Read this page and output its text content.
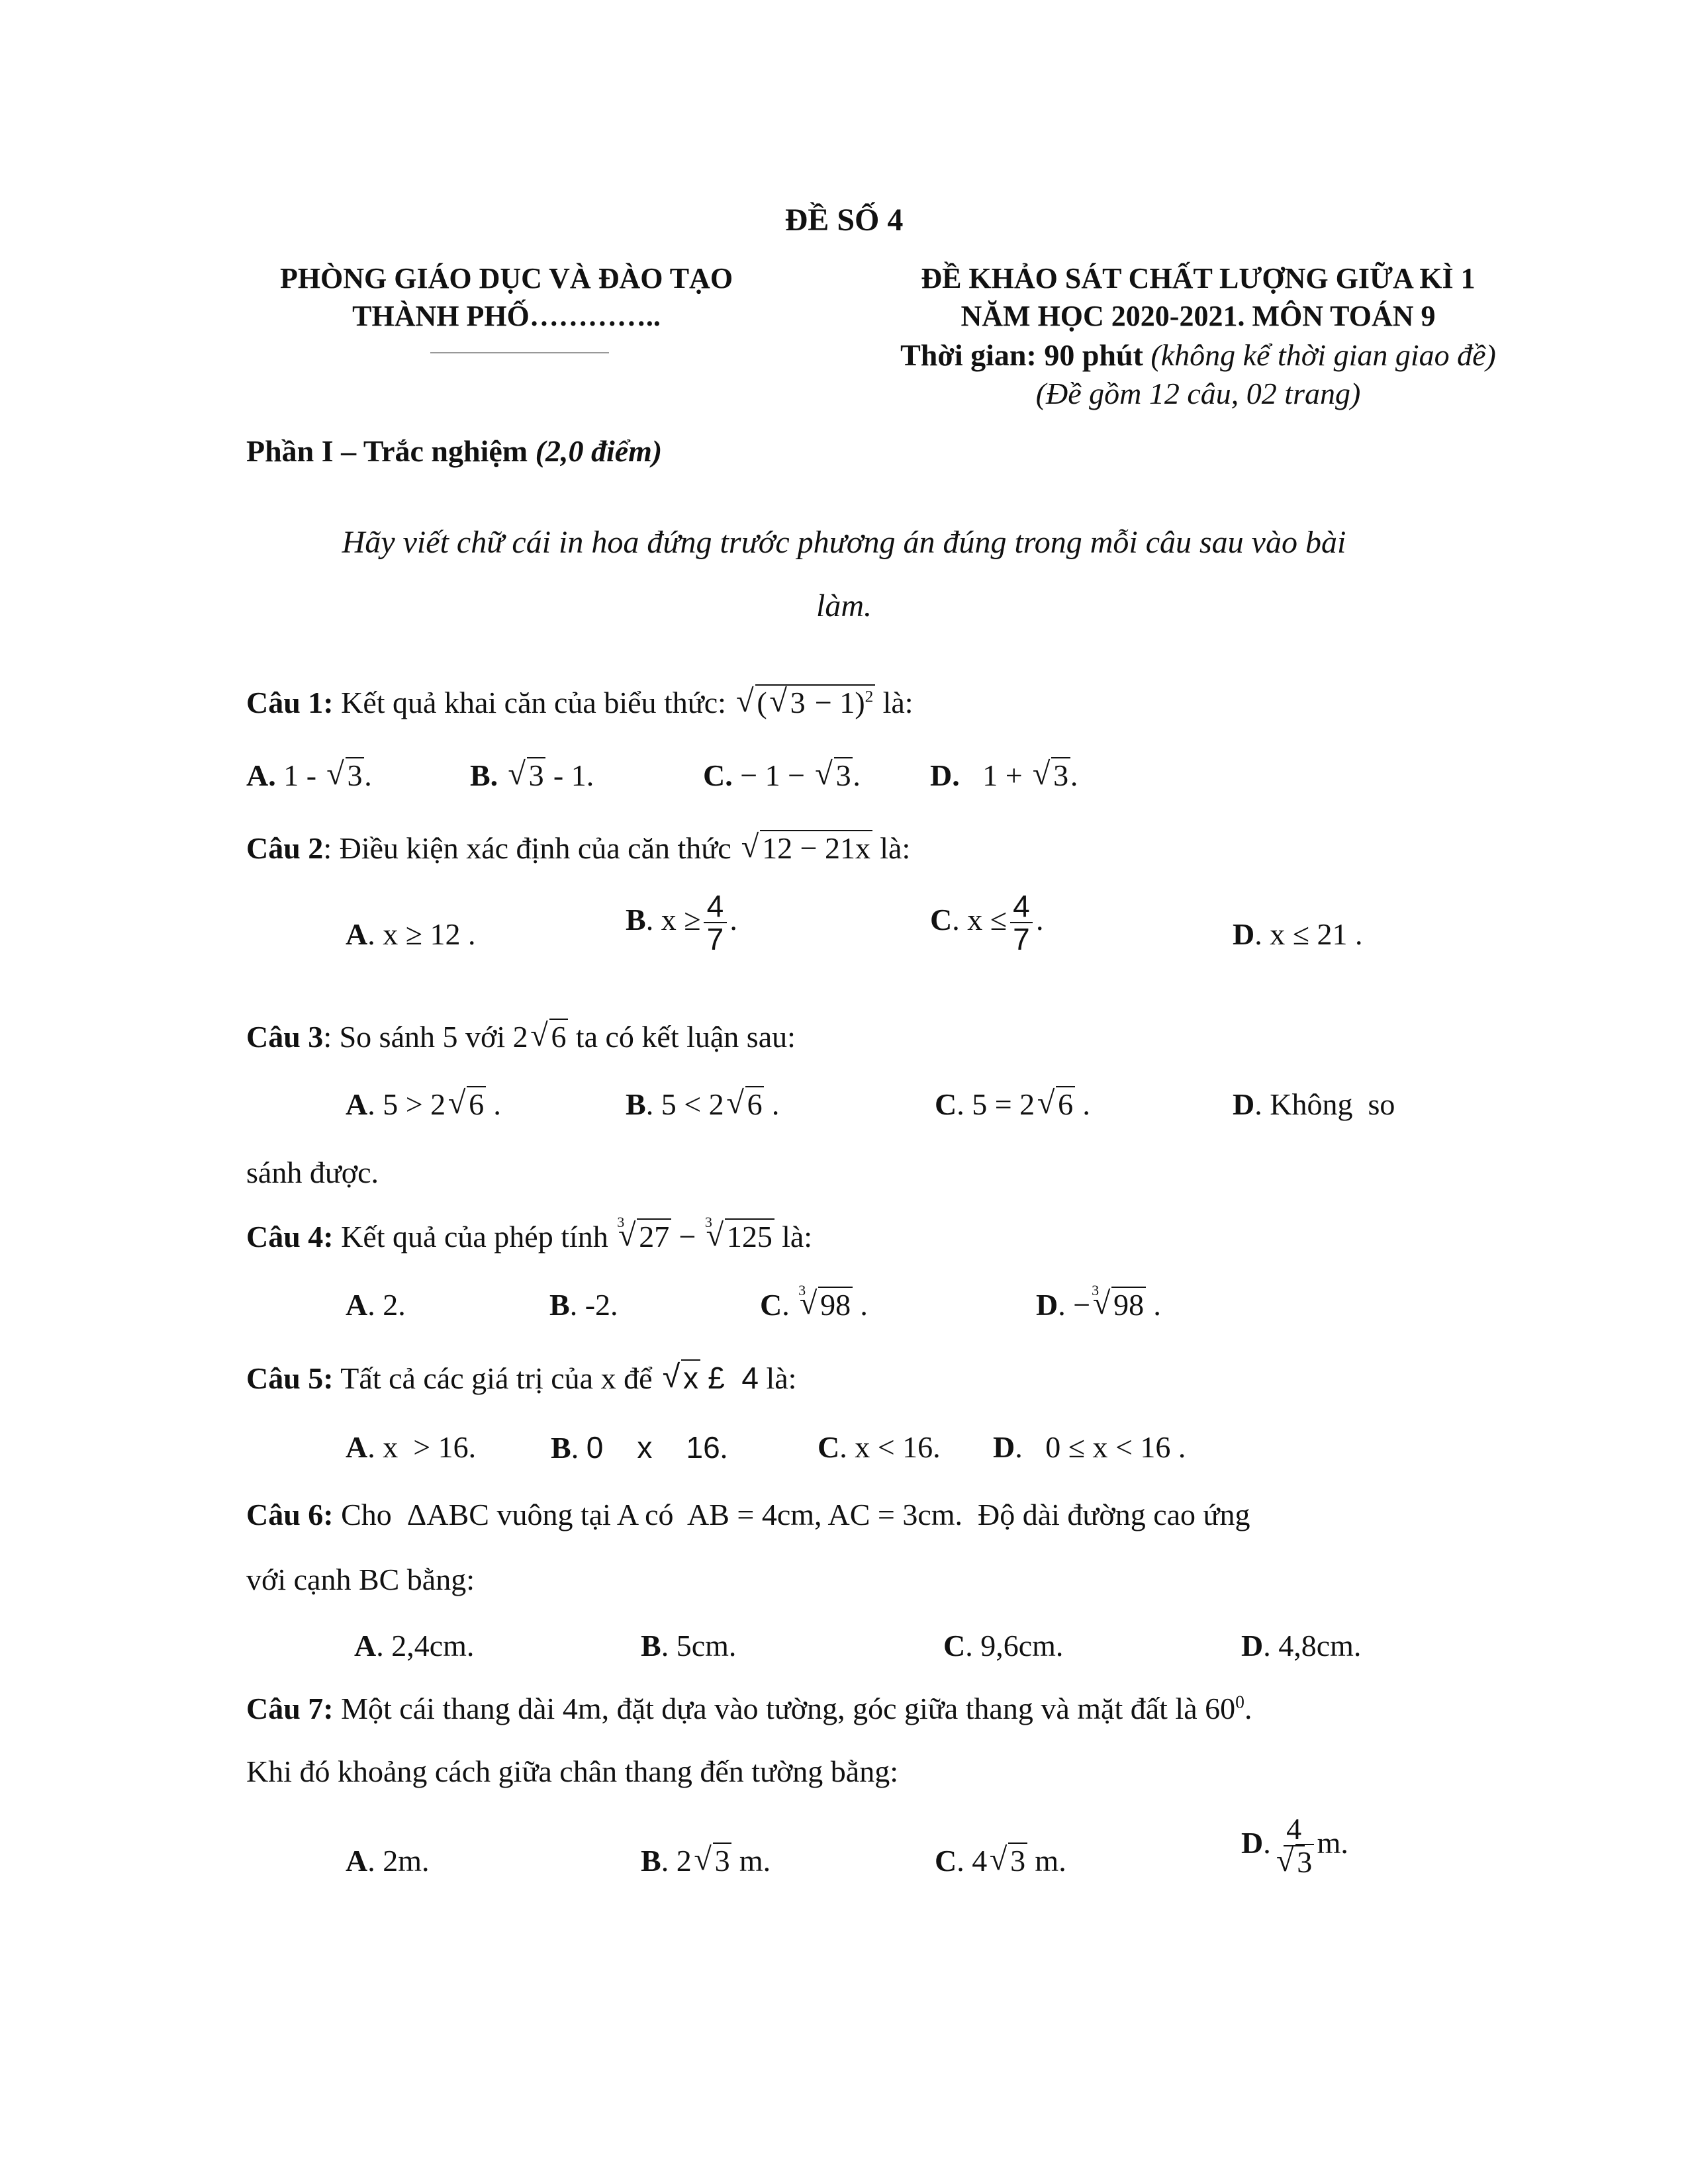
ĐỀ SỐ 4
PHÒNG GIÁO DỤC VÀ ĐÀO TẠO
THÀNH PHỐ…………..
ĐỀ KHẢO SÁT CHẤT LƯỢNG GIỮA KÌ 1
NĂM HỌC 2020-2021. MÔN TOÁN 9
Thời gian: 90 phút (không kể thời gian giao đề)
(Đề gồm 12 câu, 02 trang)
Phần I – Trắc nghiệm (2,0 điểm)
Hãy viết chữ cái in hoa đứng trước phương án đúng trong mỗi câu sau vào bài
làm.
Câu 1: Kết quả khai căn của biểu thức: √ ( √ 3 − 1)$^2$ là:
A. 1 - √ 3.	B. √ 3 - 1.	C. − 1 − √ 3. D. 1 + √ 3.
Câu 2: Điều kiện xác định của căn thức √ 12 − 21x là:
A. x ≥ 12 .	B. $x \ge \frac{4}{7}$ .	C. $x \le \frac{4}{7}$ .	D. x ≤ 21 .
Câu 3: So sánh 5 với 2 √ 6 ta có kết luận sau:
A. 5 > 2 √ 6 .	B. 5 < 2 √ 6 .	C. 5 = 2 √ 6 .	D. Không  so
sánh được.
Câu 4: Kết quả của phép tính √ 3 27 − √ 3 125 là:
A. 2.	B. -2.	C. √ 3 98 .	D. − √ 3 98 .
Câu 5: Tất cả các giá trị của x để √ x £  4 là:
A. x  > 16. B. 0    x    16.	C. x < 16. D.   0 ≤ x < 16 .
Câu 6: Cho  ΔABC vuông tại A có  AB = 4cm, AC = 3cm.  Độ dài đường cao ứng
với cạnh BC bằng:
A. 2,4cm.	B. 5cm.	C. 9,6cm.	D. 4,8cm.
Câu 7: Một cái thang dài 4m, đặt dựa vào tường, góc giữa thang và mặt đất là $60^0$.
Khi đó khoảng cách giữa chân thang đến tường bằng:
A. 2m.	B. 2 √ 3 m.	C. 4 √ 3 m.
D. 4
√ 3 m.
